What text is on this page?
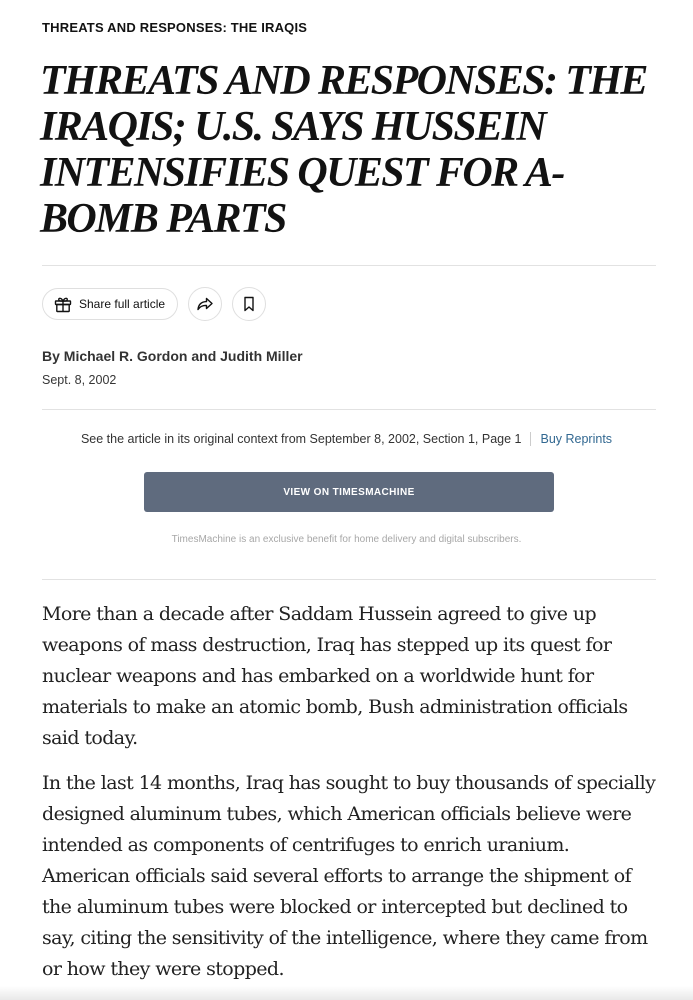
THREATS AND RESPONSES: THE IRAQIS
THREATS AND RESPONSES: THE IRAQIS; U.S. SAYS HUSSEIN INTENSIFIES QUEST FOR A-BOMB PARTS
Share full article
By Michael R. Gordon and Judith Miller
Sept. 8, 2002
See the article in its original context from September 8, 2002, Section 1, Page 1 Buy Reprints
VIEW ON TIMESMACHINE
TimesMachine is an exclusive benefit for home delivery and digital subscribers.

More than a decade after Saddam Hussein agreed to give up weapons of mass destruction, Iraq has stepped up its quest for nuclear weapons and has embarked on a worldwide hunt for materials to make an atomic bomb, Bush administration officials said today.

In the last 14 months, Iraq has sought to buy thousands of specially designed aluminum tubes, which American officials believe were intended as components of centrifuges to enrich uranium. American officials said several efforts to arrange the shipment of the aluminum tubes were blocked or intercepted but declined to say, citing the sensitivity of the intelligence, where they came from or how they were stopped.
